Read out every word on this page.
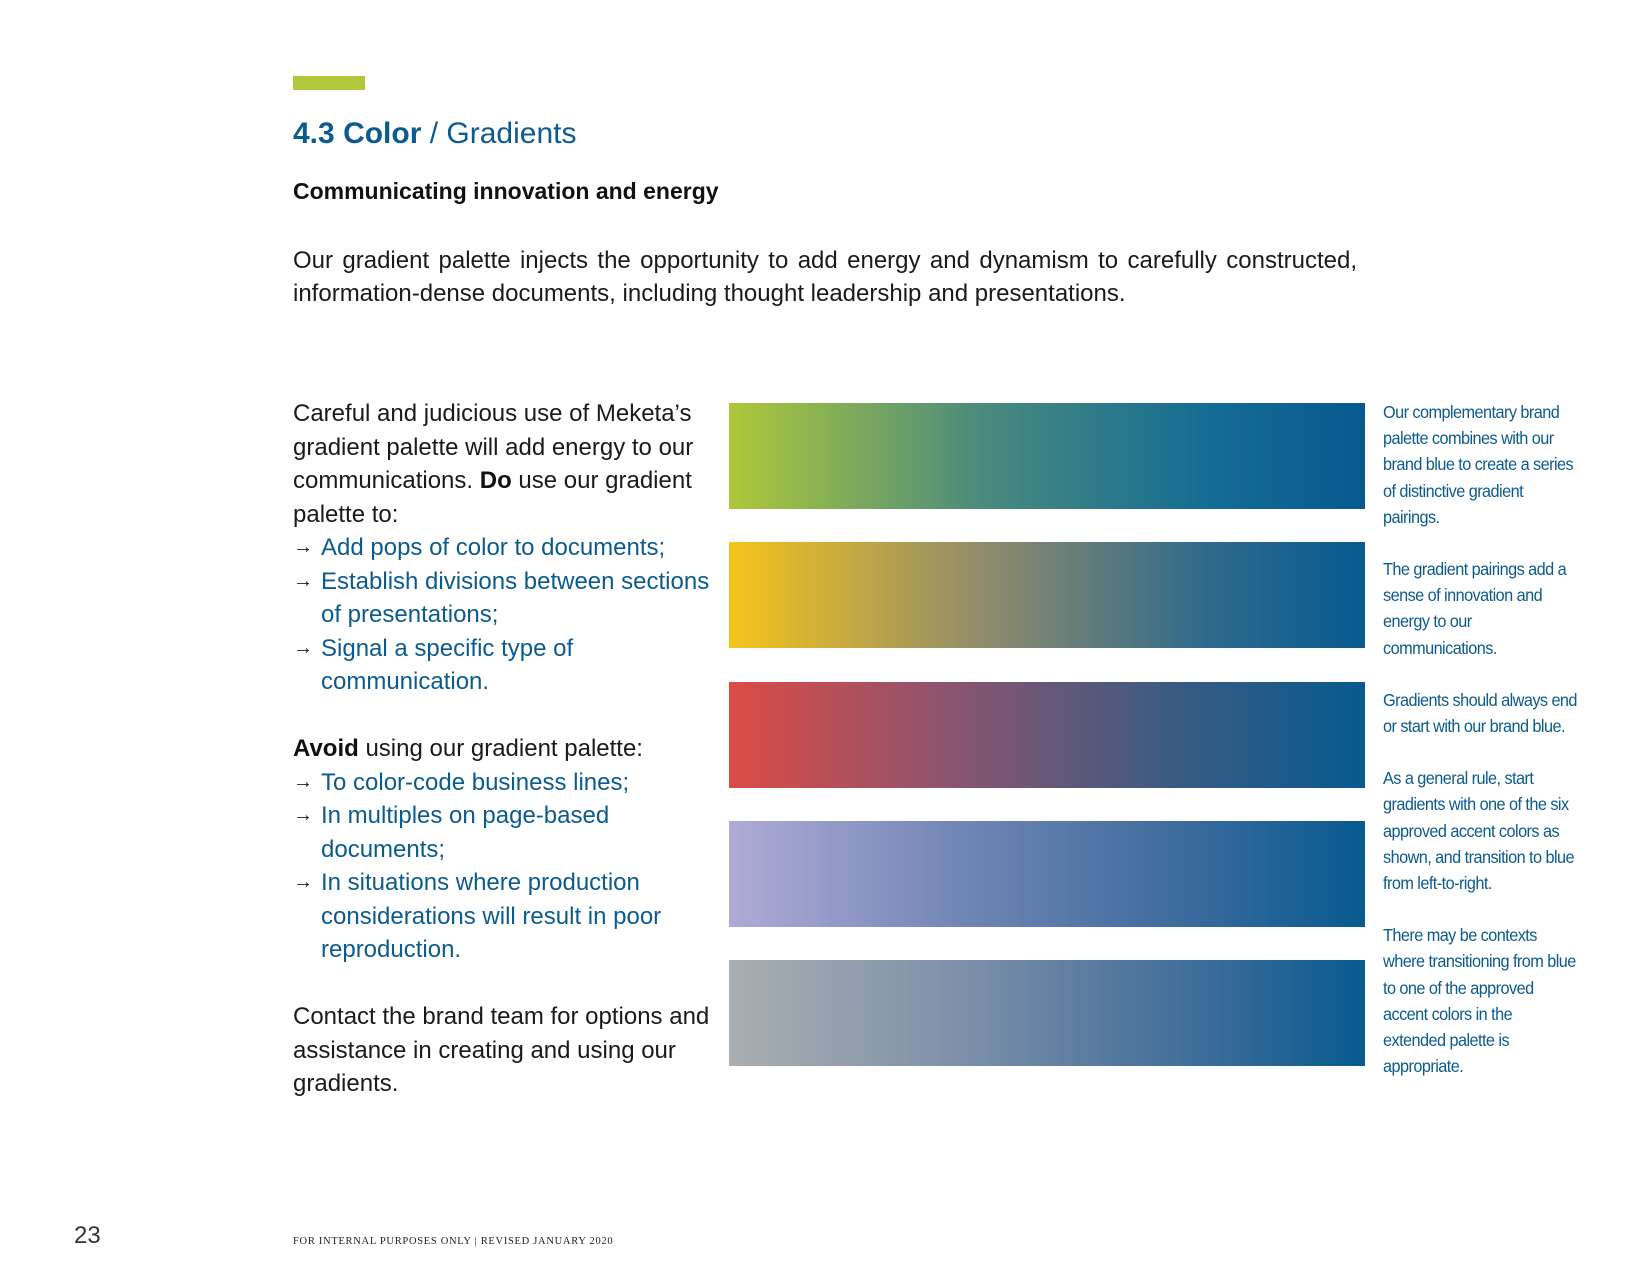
4.3 Color / Gradients
Communicating innovation and energy

Our gradient palette injects the opportunity to add energy and dynamism to carefully constructed, information-dense documents, including thought leadership and presentations.

Careful and judicious use of Meketa’s gradient palette will add energy to our communications. Do use our gradient palette to:

→ Add pops of color to documents;
→ Establish divisions between sections of presentations;
→ Signal a specific type of communication.

Avoid using our gradient palette:

→ To color-code business lines;
→ In multiples on page-based documents;
→ In situations where production considerations will result in poor reproduction.

Contact the brand team for options and assistance in creating and using our gradients.

Our complementary brand palette combines with our brand blue to create a series of distinctive gradient pairings.

The gradient pairings add a sense of innovation and energy to our communications.

Gradients should always end or start with our brand blue.

As a general rule, start gradients with one of the six approved accent colors as shown, and transition to blue from left-to-right.

There may be contexts where transitioning from blue to one of the approved accent colors in the extended palette is appropriate.

23	FOR INTERNAL PURPOSES ONLY | REVISED JANUARY 2020
